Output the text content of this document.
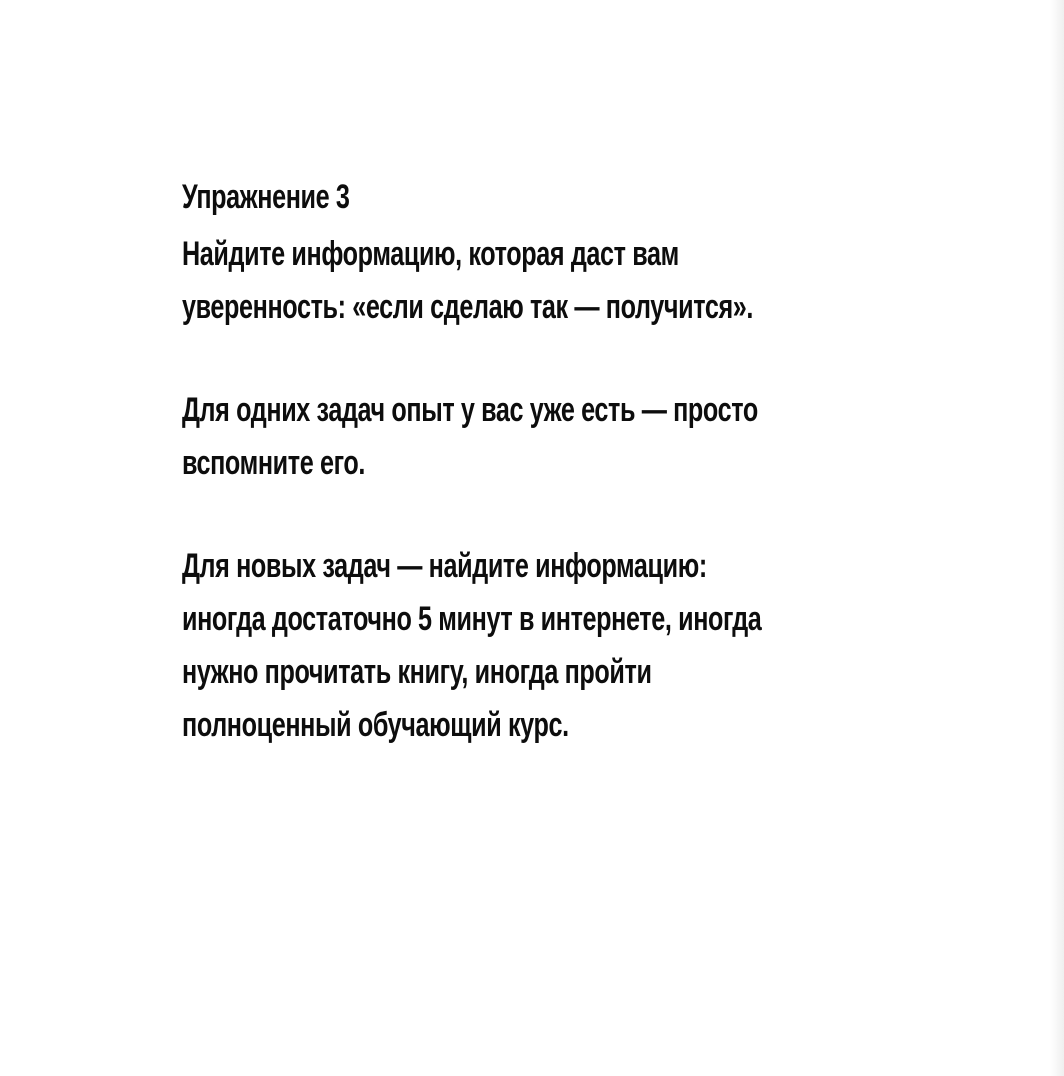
Упражнение 3
Найдите информацию, которая даст вам
уверенность: «если сделаю так — получится».
Для одних задач опыт у вас уже есть — просто
вспомните его.
Для новых задач — найдите информацию:
иногда достаточно 5 минут в интернете, иногда
нужно прочитать книгу, иногда пройти
полноценный обучающий курс.
